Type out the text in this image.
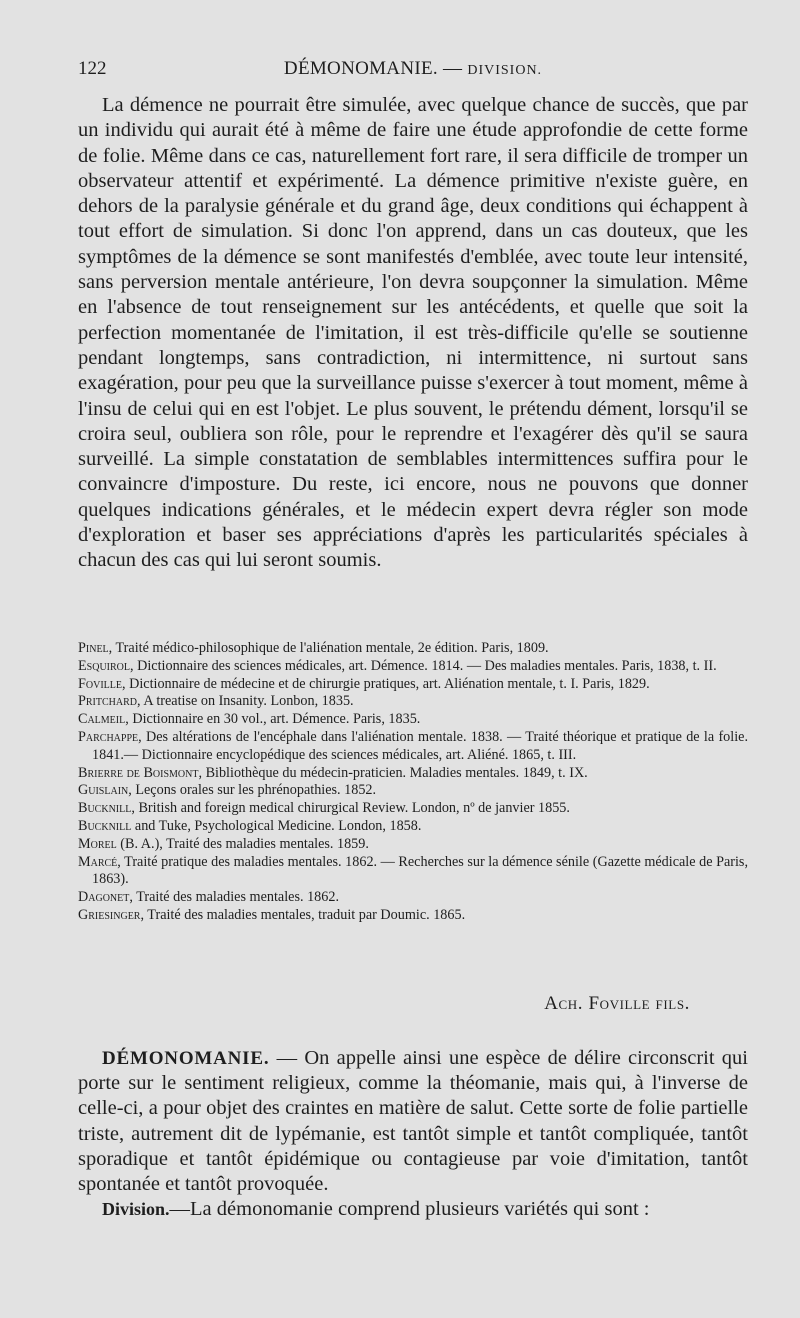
122	DÉMONOMANIE. — DIVISION.

La démence ne pourrait être simulée, avec quelque chance de succès, que par un individu qui aurait été à même de faire une étude approfondie de cette forme de folie. Même dans ce cas, naturellement fort rare, il sera difficile de tromper un observateur attentif et expérimenté. La démence primitive n'existe guère, en dehors de la paralysie générale et du grand âge, deux conditions qui échappent à tout effort de simulation. Si donc l'on apprend, dans un cas douteux, que les symptômes de la démence se sont manifestés d'emblée, avec toute leur intensité, sans perversion mentale antérieure, l'on devra soupçonner la simulation. Même en l'absence de tout renseignement sur les antécédents, et quelle que soit la perfection momentanée de l'imitation, il est très-difficile qu'elle se soutienne pendant longtemps, sans contradiction, ni intermittence, ni surtout sans exagération, pour peu que la surveillance puisse s'exercer à tout moment, même à l'insu de celui qui en est l'objet. Le plus souvent, le prétendu dément, lorsqu'il se croira seul, oubliera son rôle, pour le reprendre et l'exagérer dès qu'il se saura surveillé. La simple constatation de semblables intermittences suffira pour le convaincre d'imposture. Du reste, ici encore, nous ne pouvons que donner quelques indications générales, et le médecin expert devra régler son mode d'exploration et baser ses appréciations d'après les particularités spéciales à chacun des cas qui lui seront soumis.

Pinel, Traité médico-philosophique de l'aliénation mentale, 2e édition. Paris, 1809.

Esquirol, Dictionnaire des sciences médicales, art. Démence. 1814. — Des maladies mentales. Paris, 1838, t. II.

Foville, Dictionnaire de médecine et de chirurgie pratiques, art. Aliénation mentale, t. I. Paris, 1829.

Pritchard, A treatise on Insanity. Lonbon, 1835.

Calmeil, Dictionnaire en 30 vol., art. Démence. Paris, 1835.

Parchappe, Des altérations de l'encéphale dans l'aliénation mentale. 1838. — Traité théorique et pratique de la folie. 1841.— Dictionnaire encyclopédique des sciences médicales, art. Aliéné. 1865, t. III.

Brierre de Boismont, Bibliothèque du médecin-praticien. Maladies mentales. 1849, t. IX.

Guislain, Leçons orales sur les phrénopathies. 1852.

Bucknill, British and foreign medical chirurgical Review. London, nº de janvier 1855.

Bucknill and Tuke, Psychological Medicine. London, 1858.

Morel (B. A.), Traité des maladies mentales. 1859.

Marcé, Traité pratique des maladies mentales. 1862. — Recherches sur la démence sénile (Gazette médicale de Paris, 1863).

Dagonet, Traité des maladies mentales. 1862.

Griesinger, Traité des maladies mentales, traduit par Doumic. 1865.

Ach. Foville fils.

DÉMONOMANIE. — On appelle ainsi une espèce de délire circonscrit qui porte sur le sentiment religieux, comme la théomanie, mais qui, à l'inverse de celle-ci, a pour objet des craintes en matière de salut. Cette sorte de folie partielle triste, autrement dit de lypémanie, est tantôt simple et tantôt compliquée, tantôt sporadique et tantôt épidémique ou contagieuse par voie d'imitation, tantôt spontanée et tantôt provoquée.

Division.—La démonomanie comprend plusieurs variétés qui sont :
